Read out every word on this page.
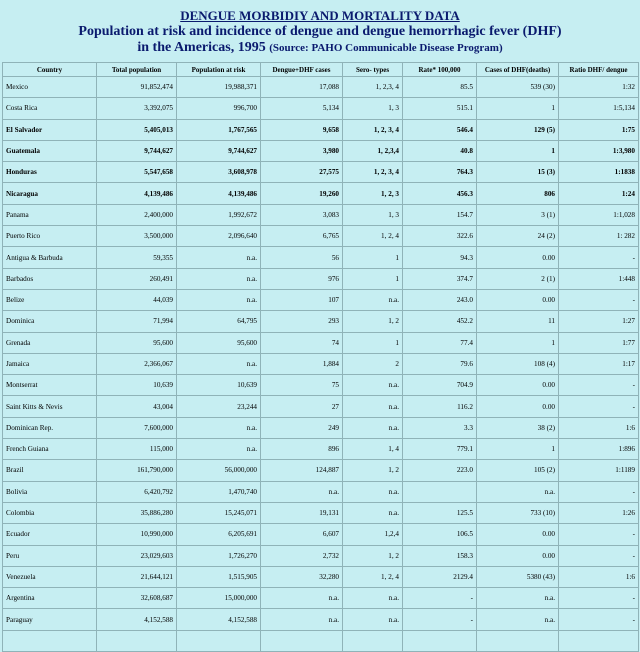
DENGUE MORBIDIY AND MORTALITY DATA
Population at risk and incidence of dengue and dengue hemorrhagic fever (DHF)
in the Americas, 1995 (Source: PAHO Communicable Disease Program)
Country	Total population	Population at risk	Dengue+DHF cases	Sero- types	Rate* 100,000	Cases of DHF(deaths)	Ratio DHF/ dengue
Mexico	91,852,474	19,988,371	17,088	1, 2,3, 4	85.5	539 (30)	1:32
Costa Rica	3,392,075	996,700	5,134	1, 3	515.1	1	1:5,134
El Salvador	5,405,013	1,767,565	9,658	1, 2, 3, 4	546.4	129 (5)	1:75
Guatemala	9,744,627	9,744,627	3,980	1, 2,3,4	40.8	1	1:3,980
Honduras	5,547,658	3,608,978	27,575	1, 2, 3, 4	764.3	15 (3)	1:1838
Nicaragua	4,139,486	4,139,486	19,260	1, 2, 3	456.3	806	1:24
Panama	2,400,000	1,992,672	3,083	1, 3	154.7	3 (1)	1:1,028
Puerto Rico	3,500,000	2,096,640	6,765	1, 2, 4	322.6	24 (2)	1: 282
Antigua & Barbuda	59,355	n.a.	56	1	94.3	0.00	-
Barbados	260,491	n.a.	976	1	374.7	2 (1)	1:448
Belize	44,039	n.a.	107	n.a.	243.0	0.00	-
Dominica	71,994	64,795	293	1, 2	452.2	11	1:27
Grenada	95,600	95,600	74	1	77.4	1	1:77
Jamaica	2,366,067	n.a.	1,884	2	79.6	108 (4)	1:17
Montserrat	10,639	10,639	75	n.a.	704.9	0.00	-
Saint Kitts & Nevis	43,004	23,244	27	n.a.	116.2	0.00	-
Dominican Rep.	7,600,000	n.a.	249	n.a.	3.3	38 (2)	1:6
French Guiana	115,000	n.a.	896	1, 4	779.1	1	1:896
Brazil	161,790,000	56,000,000	124,887	1, 2	223.0	105 (2)	1:1189
Bolivia	6,420,792	1,470,740	n.a.	n.a.		n.a.	-
Colombia	35,886,280	15,245,071	19,131	n.a.	125.5	733 (10)	1:26
Ecuador	10,990,000	6,205,691	6,607	1,2,4	106.5	0.00	-
Peru	23,029,603	1,726,270	2,732	1, 2	158.3	0.00	-
Venezuela	21,644,121	1,515,905	32,280	1, 2, 4	2129.4	5380 (43)	1:6
Argentina	32,608,687	15,000,000	n.a.	n.a.	-	n.a.	-
Paraguay	4,152,588	4,152,588	n.a.	n.a.	-	n.a.	-
